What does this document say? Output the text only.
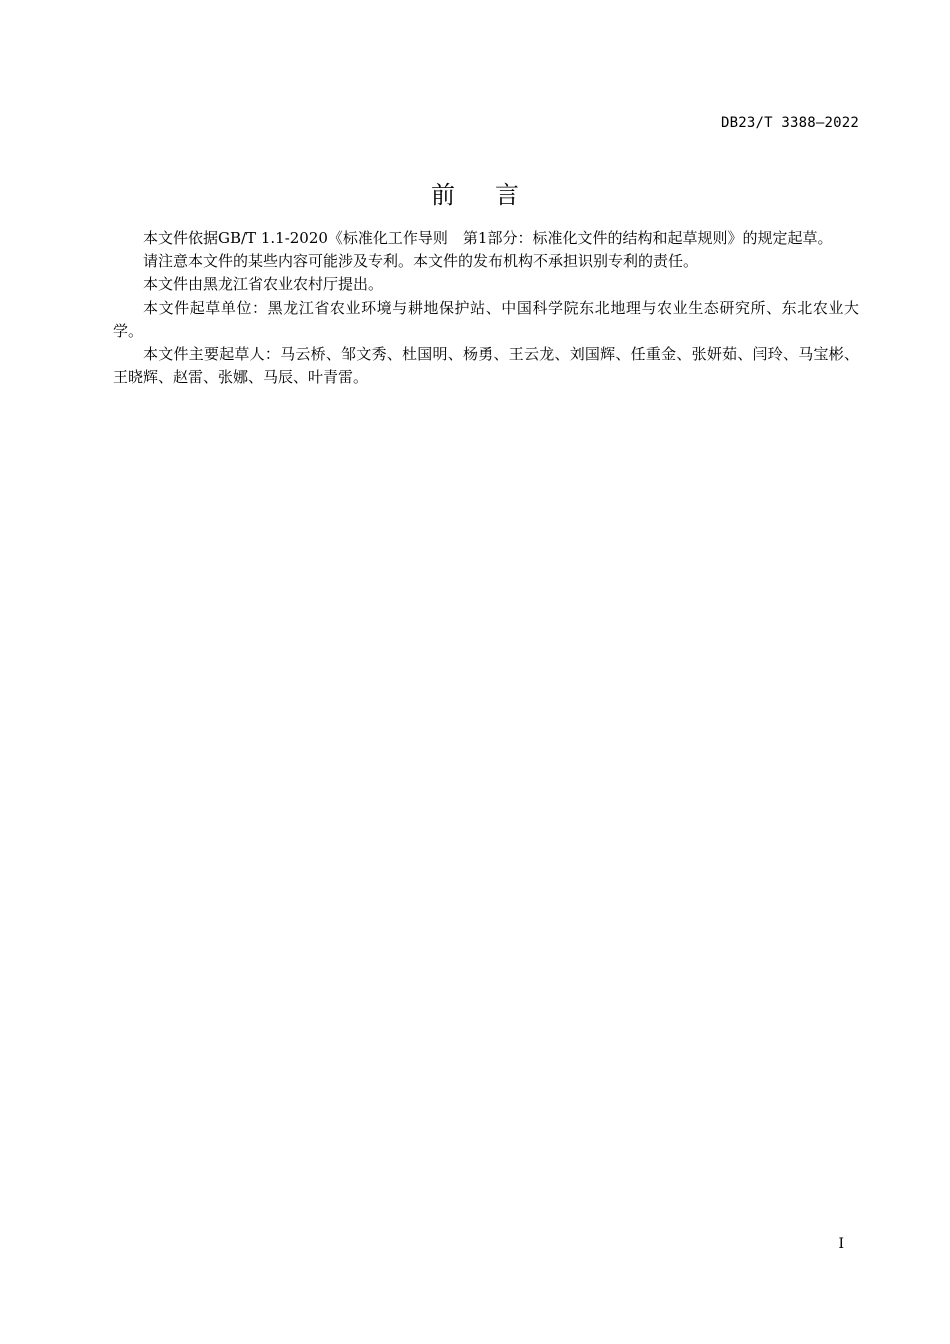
DB23/T 3388—2022
前言

本文件依据GB/T 1.1-2020《标准化工作导则　第1部分：标准化文件的结构和起草规则》的规定起草。

请注意本文件的某些内容可能涉及专利。本文件的发布机构不承担识别专利的责任。

本文件由黑龙江省农业农村厅提出。

本文件起草单位：黑龙江省农业环境与耕地保护站、中国科学院东北地理与农业生态研究所、东北农业大学。

本文件主要起草人：马云桥、邹文秀、杜国明、杨勇、王云龙、刘国辉、任重金、张妍茹、闫玲、马宝彬、王晓辉、赵雷、张娜、马辰、叶青雷。

I
